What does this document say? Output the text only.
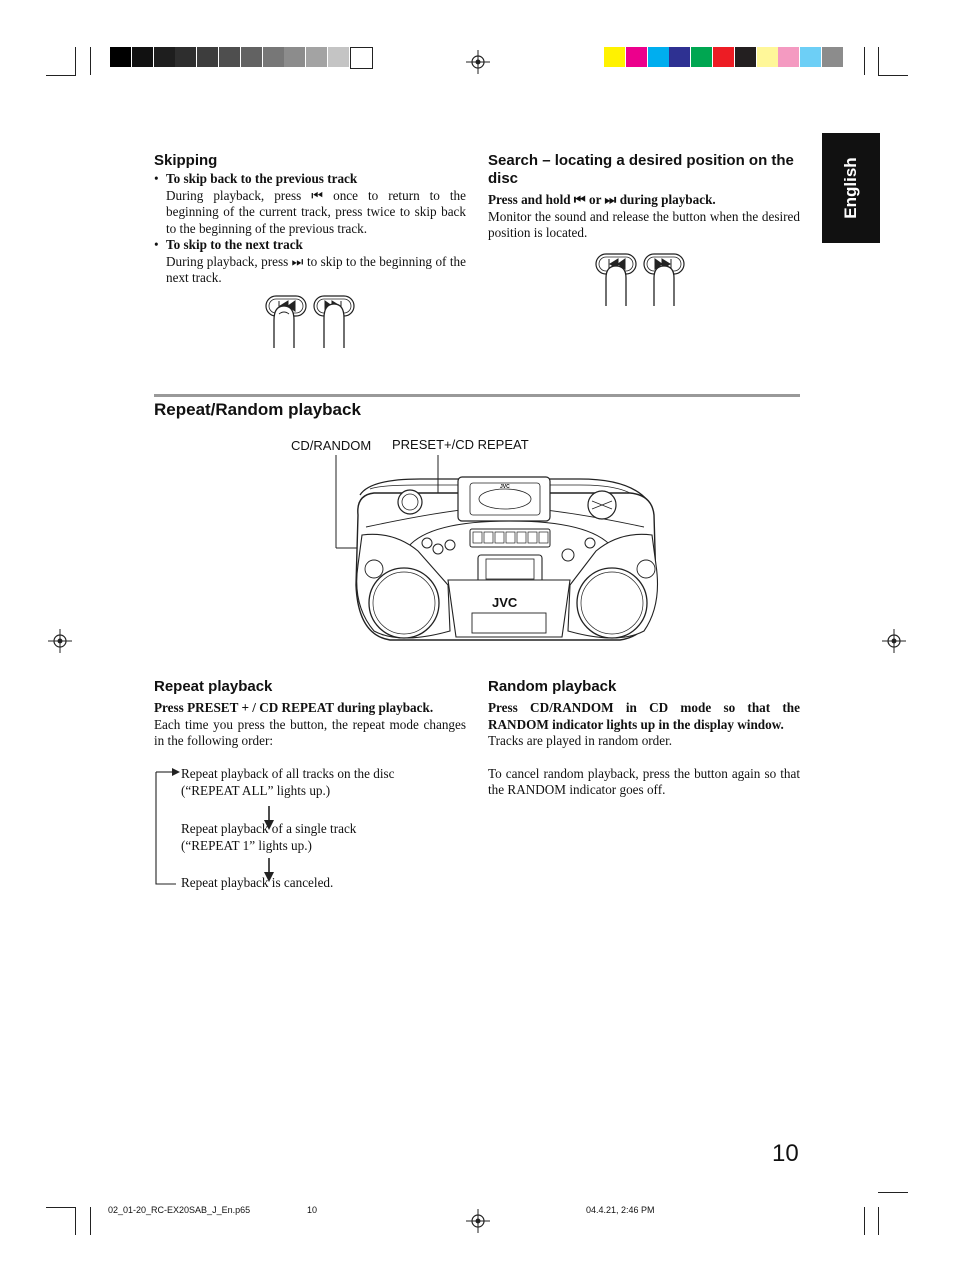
English
Skipping
• To skip back to the previous track
During playback, press ⏮ once to return to the beginning of the current track, press twice to skip back to the beginning of the previous track.
• To skip to the next track
During playback, press ⏭ to skip to the beginning of the next track.
Search – locating a desired position on the disc
Press and hold ⏮ or ⏭ during playback.
Monitor the sound and release the button when the desired position is located.
Repeat/Random playback
CD/RANDOM PRESET+/CD REPEAT
JVC
JVC
Repeat playback
Press PRESET + / CD REPEAT during playback.
Each time you press the button, the repeat mode changes in the following order:
Repeat playback of all tracks on the disc
(“REPEAT ALL” lights up.)
Repeat playback of a single track
(“REPEAT 1” lights up.)
Repeat playback is canceled.
Random playback
Press CD/RANDOM in CD mode so that the RANDOM indicator lights up in the display window.
Tracks are played in random order.
To cancel random playback, press the button again so that the RANDOM indicator goes off.
10
02_01-20_RC-EX20SAB_J_En.p65	10	04.4.21, 2:46 PM
